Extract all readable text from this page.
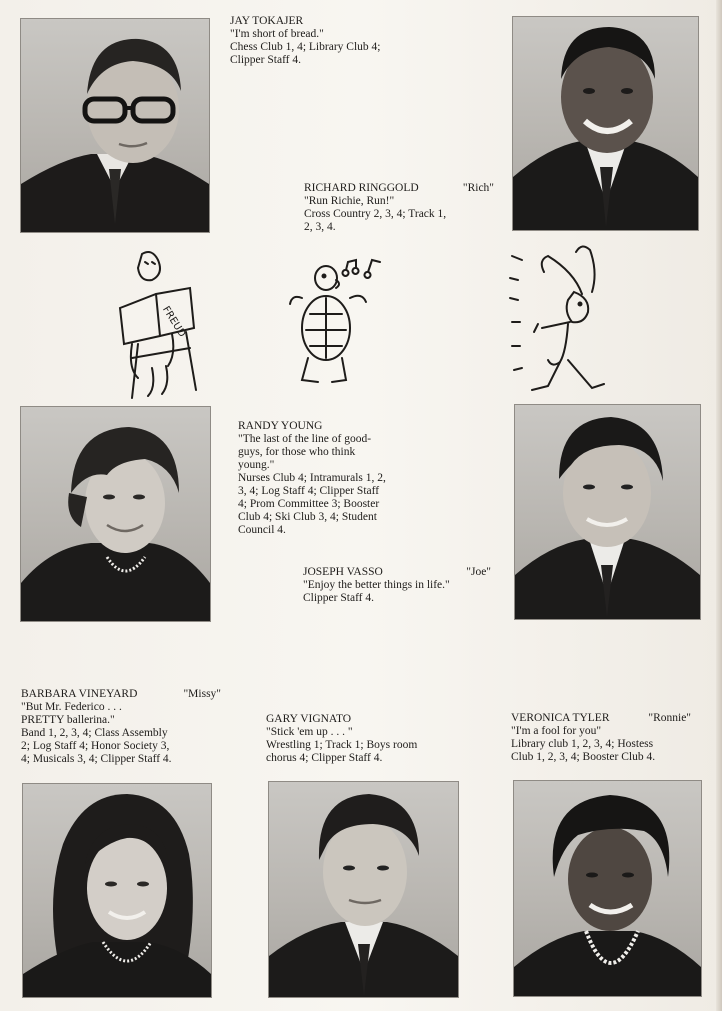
JAY TOKAJER
"I'm short of bread."
Chess Club 1, 4; Library Club 4;
Clipper Staff 4.
RICHARD RINGGOLD	"Rich"
"Run Richie, Run!"
Cross Country 2, 3, 4; Track 1,
2, 3, 4.
FREUD
RANDY YOUNG
"The last of the line of good-
guys, for those who think
young."
Nurses Club 4; Intramurals 1, 2,
3, 4; Log Staff 4; Clipper Staff
4; Prom Committee 3; Booster
Club 4; Ski Club 3, 4; Student
Council 4.
JOSEPH VASSO	"Joe"
"Enjoy the better things in life."
Clipper Staff 4.
BARBARA VINEYARD	"Missy"
"But Mr. Federico . . .
PRETTY ballerina."
Band 1, 2, 3, 4; Class Assembly
2; Log Staff 4; Honor Society 3,
4; Musicals 3, 4; Clipper Staff 4.
GARY VIGNATO
"Stick 'em up . . . "
Wrestling 1; Track 1; Boys room
chorus 4; Clipper Staff 4.
VERONICA TYLER	"Ronnie"
"I'm a fool for you"
Library club 1, 2, 3, 4; Hostess
Club 1, 2, 3, 4; Booster Club 4.
